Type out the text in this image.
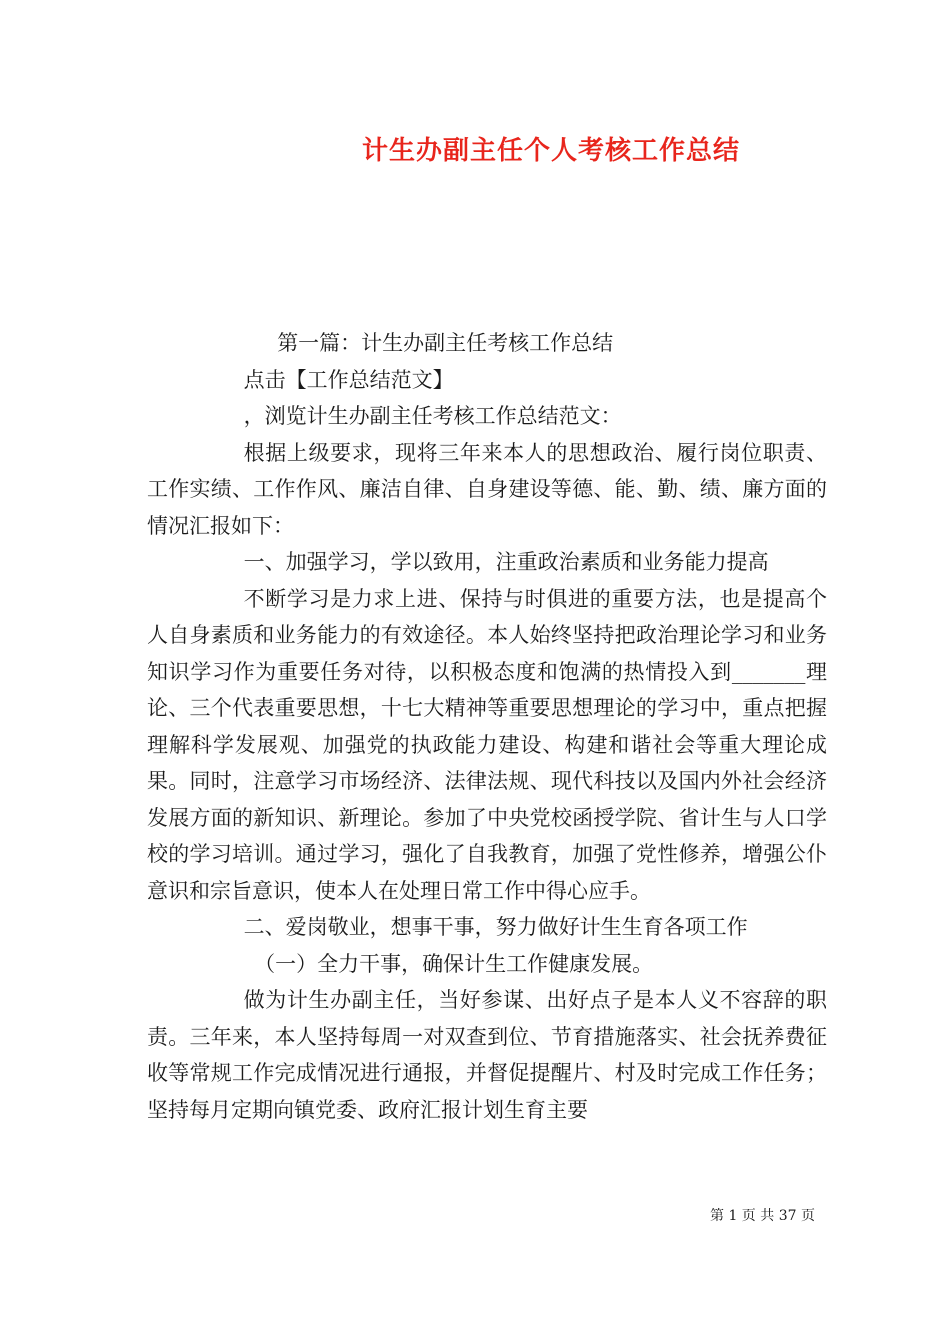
计生办副主任个人考核工作总结

第一篇：计生办副主任考核工作总结

点击【工作总结范文】

，浏览计生办副主任考核工作总结范文：

根据上级要求，现将三年来本人的思想政治、履行岗位职责、工作实绩、工作作风、廉洁自律、自身建设等德、能、勤、绩、廉方面的情况汇报如下：

一、加强学习，学以致用，注重政治素质和业务能力提高

不断学习是力求上进、保持与时俱进的重要方法，也是提高个人自身素质和业务能力的有效途径。本人始终坚持把政治理论学习和业务知识学习作为重要任务对待，以积极态度和饱满的热情投入到_______理论、三个代表重要思想，十七大精神等重要思想理论的学习中，重点把握理解科学发展观、加强党的执政能力建设、构建和谐社会等重大理论成果。同时，注意学习市场经济、法律法规、现代科技以及国内外社会经济发展方面的新知识、新理论。参加了中央党校函授学院、省计生与人口学校的学习培训。通过学习，强化了自我教育，加强了党性修养，增强公仆意识和宗旨意识，使本人在处理日常工作中得心应手。

二、爱岗敬业，想事干事，努力做好计生生育各项工作

（一）全力干事，确保计生工作健康发展。

做为计生办副主任，当好参谋、出好点子是本人义不容辞的职责。三年来，本人坚持每周一对双查到位、节育措施落实、社会抚养费征收等常规工作完成情况进行通报，并督促提醒片、村及时完成工作任务；坚持每月定期向镇党委、政府汇报计划生育主要

第 1 页 共 37 页
